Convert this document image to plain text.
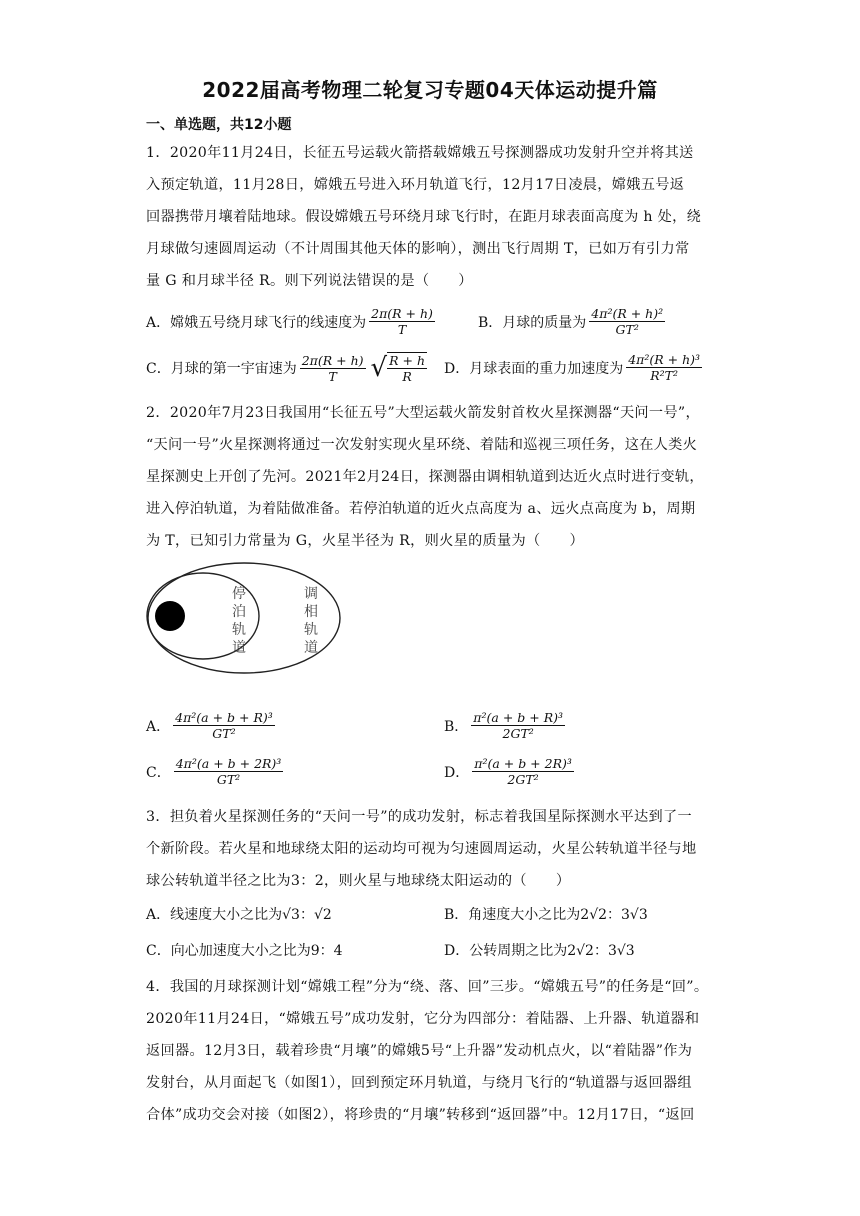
2022届高考物理二轮复习专题04天体运动提升篇
一、单选题，共12小题
1．2020年11月24日，长征五号运载火箭搭载嫦娥五号探测器成功发射升空并将其送
入预定轨道，11月28日，嫦娥五号进入环月轨道飞行，12月17日凌晨，嫦娥五号返
回器携带月壤着陆地球。假设嫦娥五号环绕月球飞行时，在距月球表面高度为 h 处，绕
月球做匀速圆周运动（不计周围其他天体的影响），测出飞行周期 T，已如万有引力常
量 G 和月球半径 R。则下列说法错误的是（　　）
A．嫦娥五号绕月球飞行的线速度为 $\frac{2\pi(R + h)}{T}$	B．月球的质量为 $\frac{\text{4π²(R + h)²}}{\text{GT²}}$
C．月球的第一宇宙速为 $\frac{2\pi(R + h)}{T}$ √ $\frac{R + h}{R}$ D．月球表面的重力加速度为 $\frac{\text{4π²(R + h)³}}{\text{R²T²}}$
2．2020年7月23日我国用“长征五号”大型运载火箭发射首枚火星探测器“天问一号”，
“天问一号”火星探测将通过一次发射实现火星环绕、着陆和巡视三项任务，这在人类火
星探测史上开创了先河。2021年2月24日，探测器由调相轨道到达近火点时进行变轨，
进入停泊轨道，为着陆做准备。若停泊轨道的近火点高度为 a、远火点高度为 b，周期
为 T，已知引力常量为 G，火星半径为 R，则火星的质量为（　　）
停
泊
轨
道
调
相
轨
道
A． $\frac{\text{4π²(a + b + R)³}}{\text{GT²}}$	B． $\frac{\text{π²(a + b + R)³}}{\text{2GT²}}$
C． $\frac{\text{4π²(a + b + 2R)³}}{\text{GT²}}$	D． $\frac{\text{π²(a + b + 2R)³}}{\text{2GT²}}$
3．担负着火星探测任务的“天问一号”的成功发射，标志着我国星际探测水平达到了一
个新阶段。若火星和地球绕太阳的运动均可视为匀速圆周运动，火星公转轨道半径与地
球公转轨道半径之比为3：2，则火星与地球绕太阳运动的（　　）
A．线速度大小之比为√3：√2	B．角速度大小之比为2√2：3√3
C．向心加速度大小之比为9：4	D．公转周期之比为2√2：3√3
4．我国的月球探测计划“嫦娥工程”分为“绕、落、回”三步。“嫦娥五号”的任务是“回”。
2020年11月24日，“嫦娥五号”成功发射，它分为四部分：着陆器、上升器、轨道器和
返回器。12月3日，载着珍贵“月壤”的嫦娥5号“上升器”发动机点火，以“着陆器”作为
发射台，从月面起飞（如图1），回到预定环月轨道，与绕月飞行的“轨道器与返回器组
合体”成功交会对接（如图2），将珍贵的“月壤”转移到“返回器”中。12月17日，“返回
